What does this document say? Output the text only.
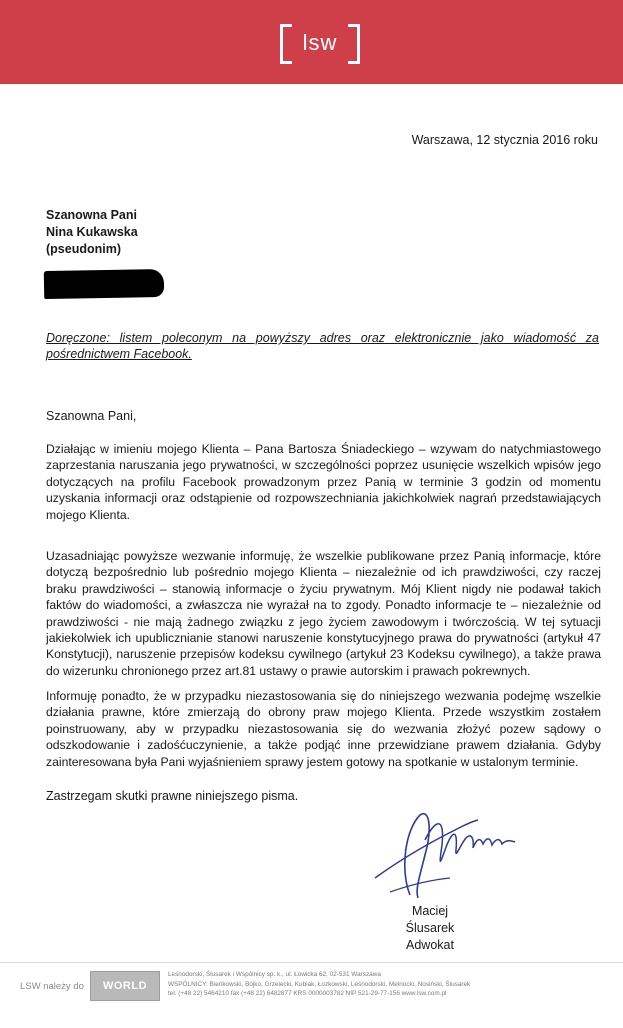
lsw
Warszawa, 12 stycznia 2016 roku
Szanowna Pani
Nina Kukawska
(pseudonim)
Doręczone: listem poleconym na powyższy adres oraz elektronicznie jako wiadomość za pośrednictwem Facebook.
Szanowna Pani,
Działając w imieniu mojego Klienta – Pana Bartosza Śniadeckiego – wzywam do natychmiastowego zaprzestania naruszania jego prywatności, w szczególności poprzez usunięcie wszelkich wpisów jego dotyczących na profilu Facebook prowadzonym przez Panią w terminie 3 godzin od momentu uzyskania informacji oraz odstąpienie od rozpowszechniania jakichkolwiek nagrań przedstawiających mojego Klienta.
Uzasadniając powyższe wezwanie informuję, że wszelkie publikowane przez Panią informacje, które dotyczą bezpośrednio lub pośrednio mojego Klienta – niezależnie od ich prawdziwości, czy raczej braku prawdziwości – stanowią informacje o życiu prywatnym. Mój Klient nigdy nie podawał takich faktów do wiadomości, a zwłaszcza nie wyrażał na to zgody. Ponadto informacje te – niezależnie od prawdziwości - nie mają żadnego związku z jego życiem zawodowym i twórczością. W tej sytuacji jakiekolwiek ich upublicznianie stanowi naruszenie konstytucyjnego prawa do prywatności (artykuł 47 Konstytucji), naruszenie przepisów kodeksu cywilnego (artykuł 23 Kodeksu cywilnego), a także prawa do wizerunku chronionego przez art.81 ustawy o prawie autorskim i prawach pokrewnych.
Informuję ponadto, że w przypadku niezastosowania się do niniejszego wezwania podejmę wszelkie działania prawne, które zmierzają do obrony praw mojego Klienta. Przede wszystkim zostałem poinstruowany, aby w przypadku niezastosowania się do wezwania złożyć pozew sądowy o odszkodowanie i zadośćuczynienie, a także podjąć inne przewidziane prawem działania. Gdyby zainteresowana była Pani wyjaśnieniem sprawy jestem gotowy na spotkanie w ustalonym terminie.
Zastrzegam skutki prawne niniejszego pisma.
Maciej Ślusarek
Adwokat
LSW należy do	WORLD LINK
Leśnodorski, Ślusarek i Wspólnicy sp. k., ul. Łowicka 62, 02-531 Warszawa
WSPÓLNICY: Bieńkowski, Bójko, Grzelecki, Kubiak, Łozkowski, Leśnodorski, Melnocki, Nosiński, Ślusarek
tel. (+48 22) 5464210 fax (+48 22) 6482877 KRS 0000003782 NIP 521-29-77-156 www.lsw.com.pl
